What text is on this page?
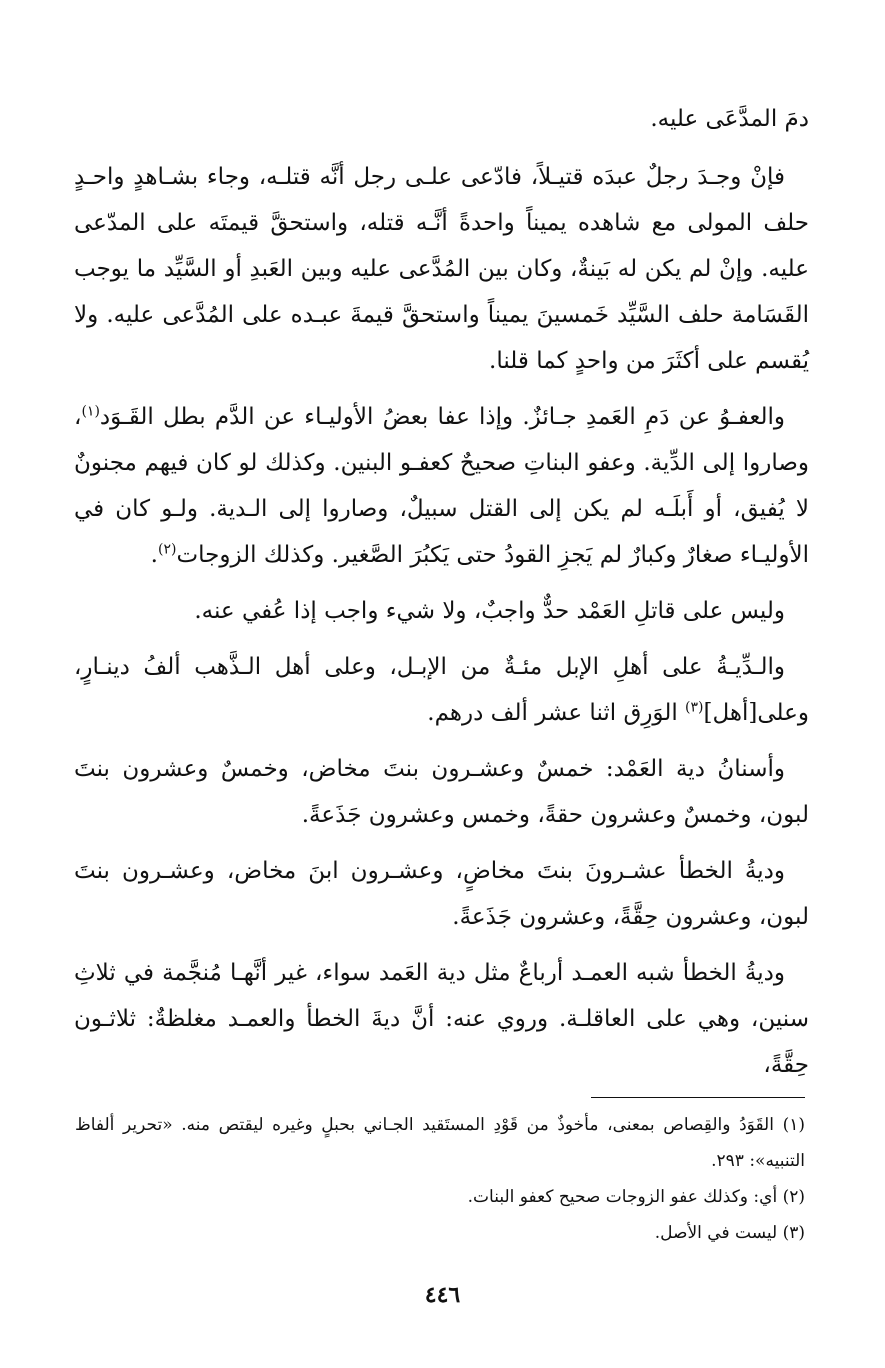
دمَ المدَّعَى عليه.

فإنْ وجـدَ رجلٌ عبدَه قتيـلاً، فادّعى علـى رجل أنَّه قتلـه، وجاء بشـاهدٍ واحـدٍ حلف المولى مع شاهده يميناً واحدةً أنَّـه قتله، واستحقَّ قيمتَه على المدّعى عليه. وإنْ لم يكن له بَينةٌ، وكان بين المُدَّعى عليه وبين العَبدِ أو السَّيِّد ما يوجب القَسَامة حلف السَّيِّد خَمسينَ يميناً واستحقَّ قيمةَ عبـده على المُدَّعى عليه. ولا يُقسم على أكثَرَ من واحدٍ كما قلنا.

والعفـوُ عن دَمِ العَمدِ جـائزٌ. وإذا عفا بعضُ الأوليـاء عن الدَّم بطل القَـوَد$^{(١)}$، وصاروا إلى الدِّية. وعفو البناتِ صحيحٌ كعفـو البنين. وكذلك لو كان فيهم مجنونٌ لا يُفيق، أو أَبلَـه لم يكن إلى القتل سبيلٌ، وصاروا إلى الـدية. ولـو كان في الأوليـاء صغارٌ وكبارٌ لم يَجزِ القودُ حتى يَكبُرَ الصَّغير. وكذلك الزوجات$^{(٢)}$.

وليس على قاتلِ العَمْد حدٌّ واجبٌ، ولا شيء واجب إذا عُفي عنه.

والـدِّيـةُ على أهلِ الإبل مئـةٌ من الإبـل، وعلى أهل الـذَّهب ألفُ دينـارٍ، وعلى[أهل]$^{(٣)}$ الوَرِق اثنا عشر ألف درهم.

وأسنانُ دية العَمْد: خمسٌ وعشـرون بنتَ مخاض، وخمسٌ وعشرون بنتَ لبون، وخمسٌ وعشرون حقةً، وخمس وعشرون جَذَعةً.

وديةُ الخطأ عشـرونَ بنتَ مخاضٍ، وعشـرون ابنَ مخاض، وعشـرون بنتَ لبون، وعشرون حِقَّةً، وعشرون جَذَعةً.

وديةُ الخطأ شبه العمـد أرباعٌ مثل دية العَمد سواء، غير أنَّهـا مُنجَّمة في ثلاثِ سنين، وهي على العاقلـة. وروي عنه: أنَّ ديةَ الخطأ والعمـد مغلظةٌ: ثلاثـون حِقَّةً،

(١) القَوَدُ والقِصاص بمعنى، مأخوذٌ من قَوْدِ المستَقيد الجـاني بحبلٍ وغيره ليقتص منه. «تحرير ألفاظ التنبيه»: ٢٩٣.

(٢) أي: وكذلك عفو الزوجات صحيح كعفو البنات.

(٣) ليست في الأصل.

٤٤٦
